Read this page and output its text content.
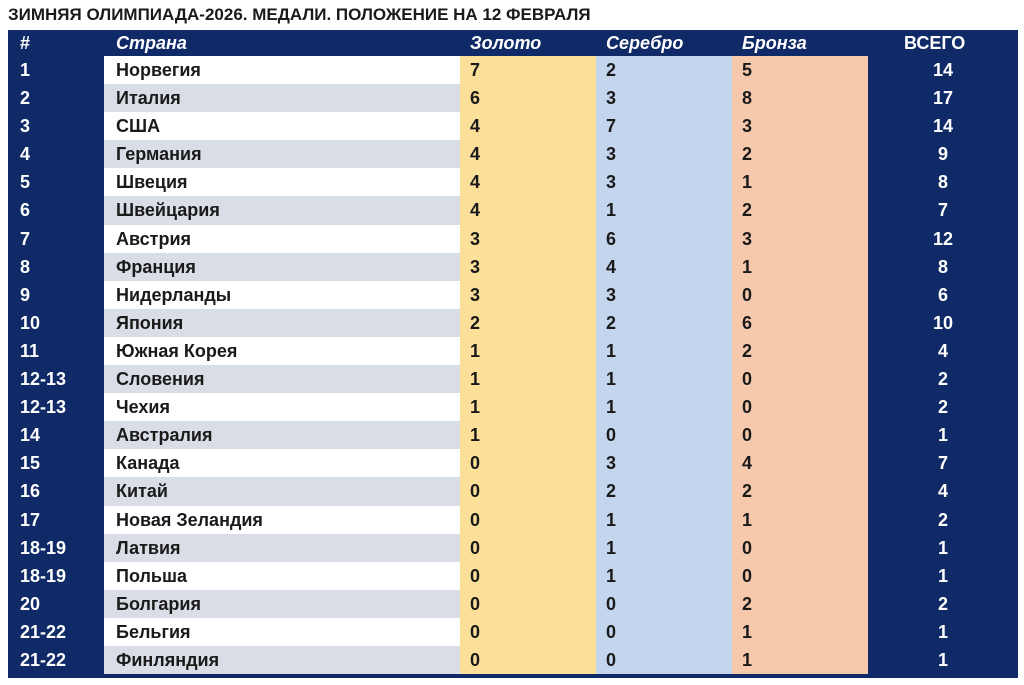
ЗИМНЯЯ ОЛИМПИАДА-2026. МЕДАЛИ. ПОЛОЖЕНИЕ НА 12 ФЕВРАЛЯ
#	Страна	Золото	Серебро	Бронза	ВСЕГО
1	Норвегия	7	2	5	14
2	Италия	6	3	8	17
3	США	4	7	3	14
4	Германия	4	3	2	9
5	Швеция	4	3	1	8
6	Швейцария	4	1	2	7
7	Австрия	3	6	3	12
8	Франция	3	4	1	8
9	Нидерланды	3	3	0	6
10	Япония	2	2	6	10
11	Южная Корея	1	1	2	4
12-13	Словения	1	1	0	2
12-13	Чехия	1	1	0	2
14	Австралия	1	0	0	1
15	Канада	0	3	4	7
16	Китай	0	2	2	4
17	Новая Зеландия	0	1	1	2
18-19	Латвия	0	1	0	1
18-19	Польша	0	1	0	1
20	Болгария	0	0	2	2
21-22	Бельгия	0	0	1	1
21-22	Финляндия	0	0	1	1
